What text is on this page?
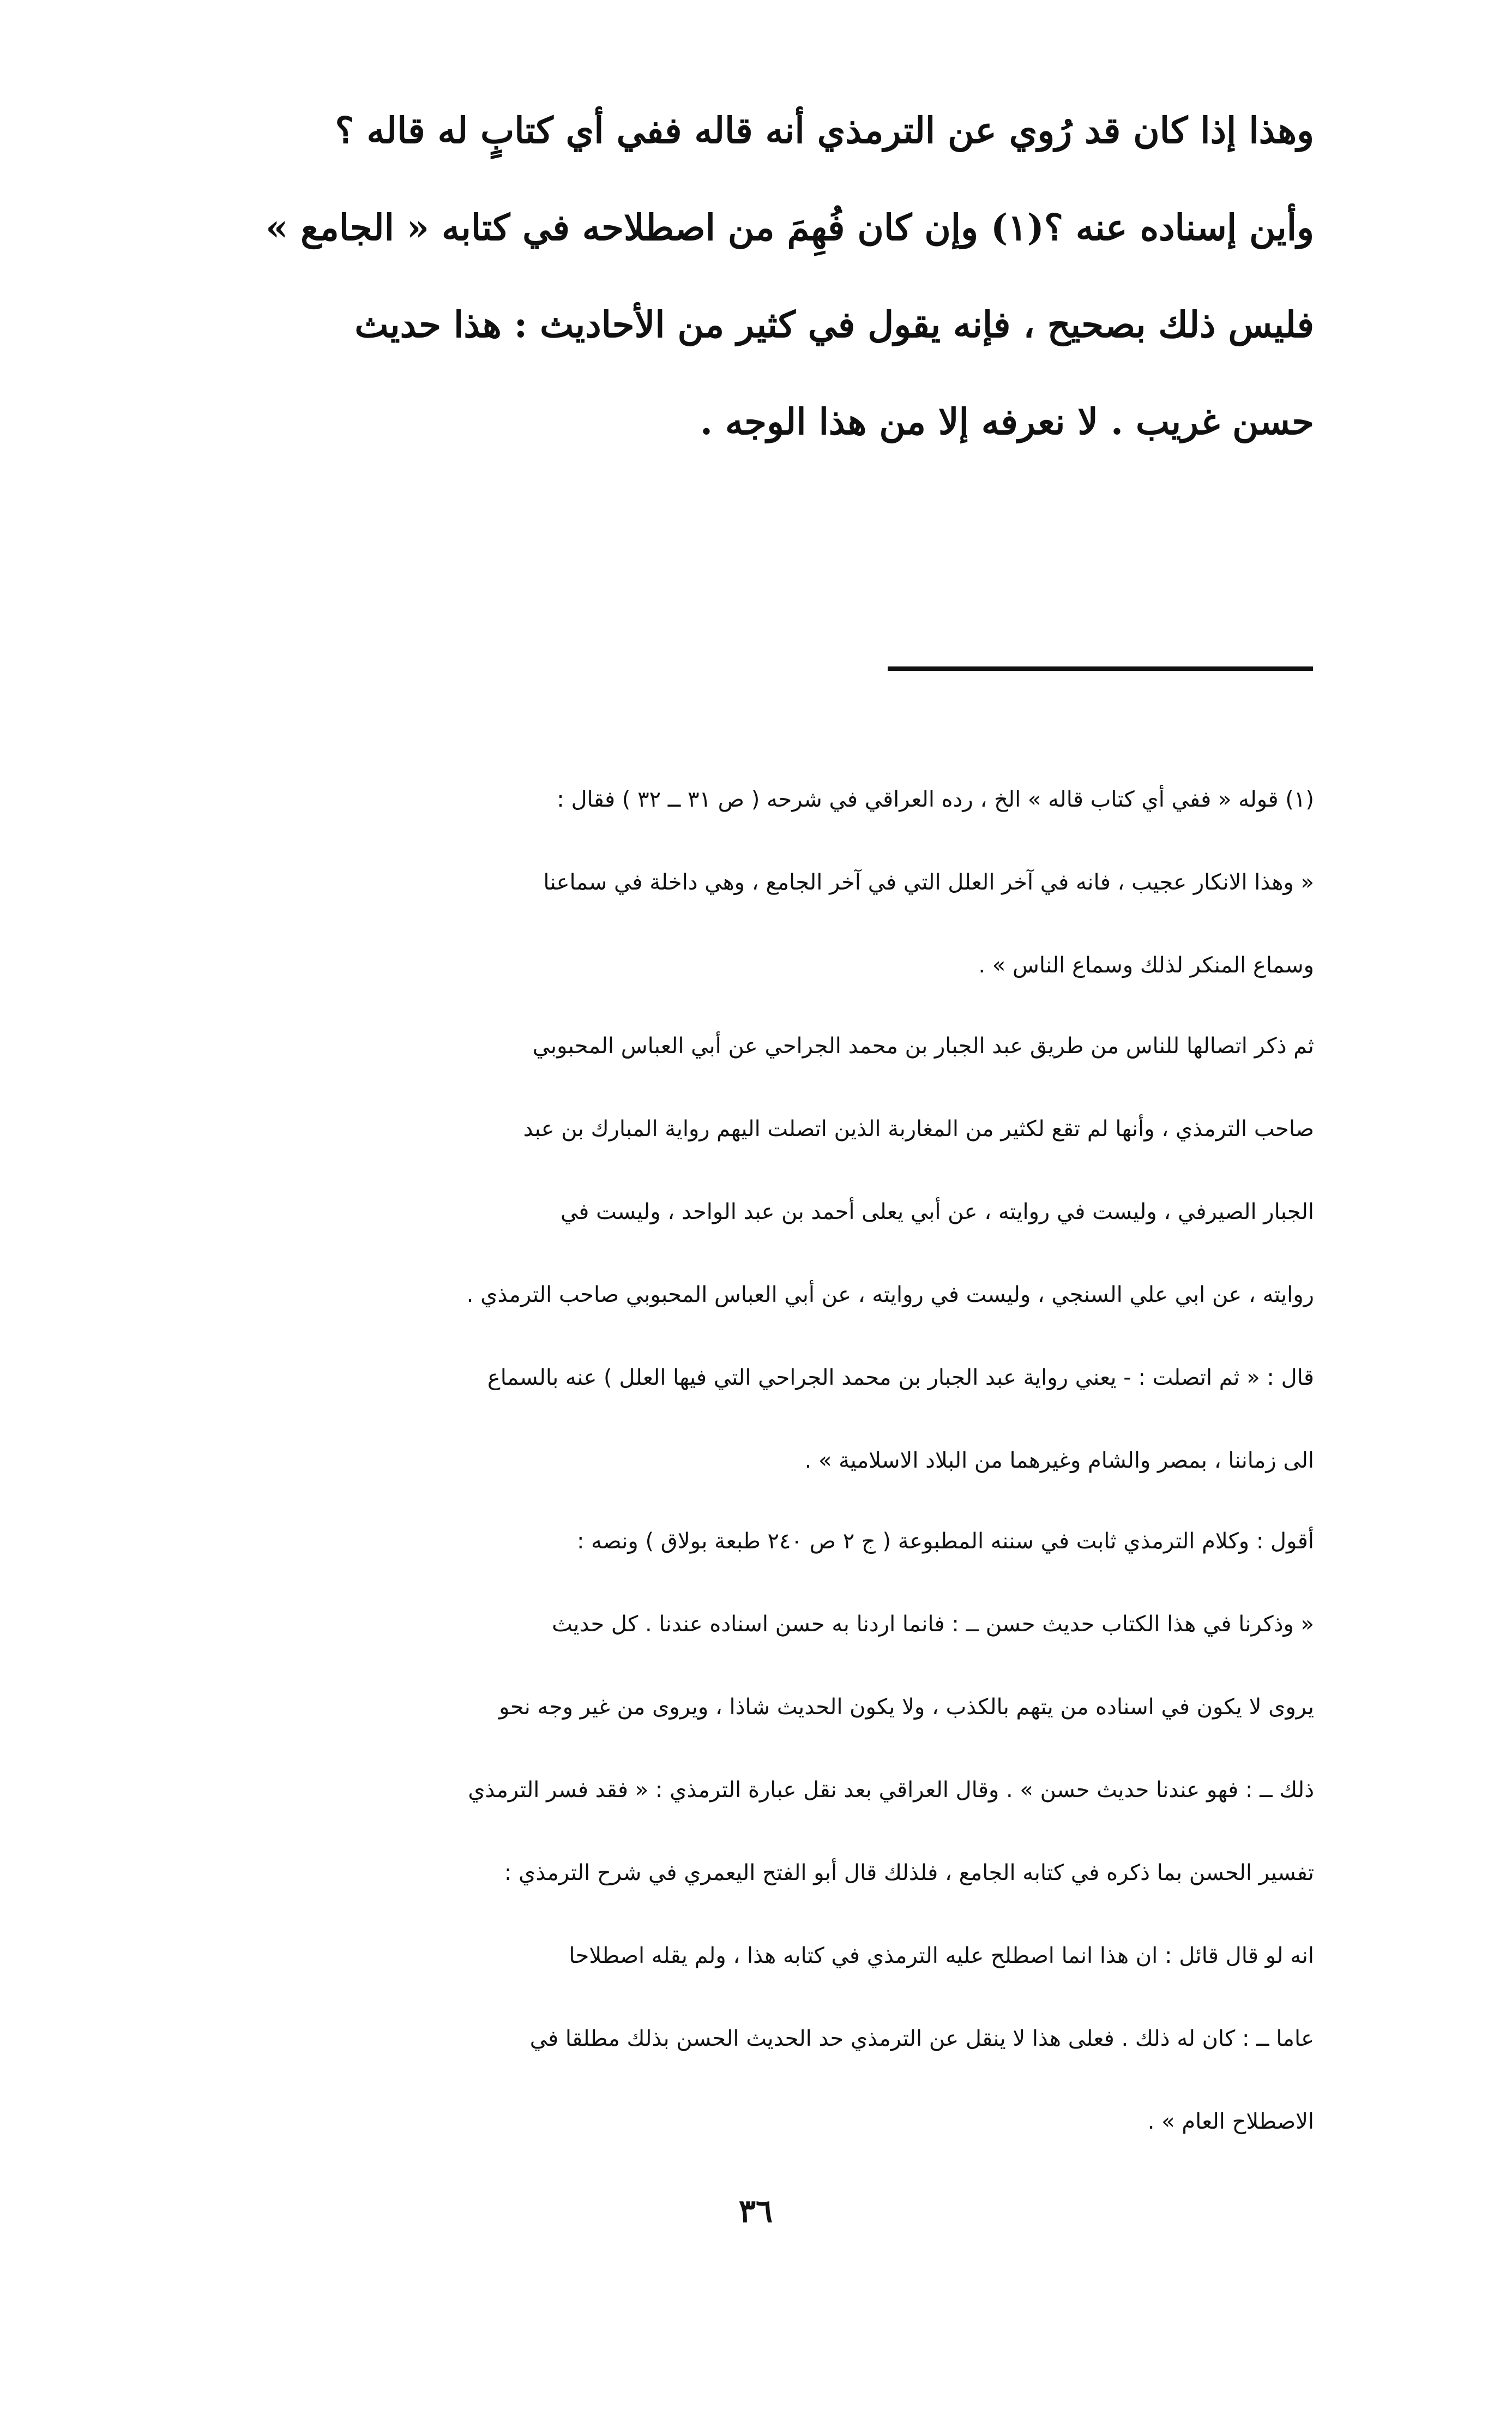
وهذا إذا كان قد رُوي عن الترمذي أنه قاله ففي أي كتابٍ له قاله ؟

وأين إسناده عنه ؟(١) وإن كان فُهِمَ من اصطلاحه في كتابه « الجامع »

فليس ذلك بصحيح ، فإنه يقول في كثير من الأحاديث : هذا حديث

حسن غريب . لا نعرفه إلا من هذا الوجه .

(١) قوله « ففي أي كتاب قاله » الخ ، رده العراقي في شرحه ( ص ٣١ ــ ٣٢ ) فقال :

« وهذا الانكار عجيب ، فانه في آخر العلل التي في آخر الجامع ، وهي داخلة في سماعنا

وسماع المنكر لذلك وسماع الناس » .

ثم ذكر اتصالها للناس من طريق عبد الجبار بن محمد الجراحي عن أبي العباس المحبوبي

صاحب الترمذي ، وأنها لم تقع لكثير من المغاربة الذين اتصلت اليهم رواية المبارك بن عبد

الجبار الصيرفي ، وليست في روايته ، عن أبي يعلى أحمد بن عبد الواحد ، وليست في

روايته ، عن ابي علي السنجي ، وليست في روايته ، عن أبي العباس المحبوبي صاحب الترمذي .

قال : « ثم اتصلت : - يعني رواية عبد الجبار بن محمد الجراحي التي فيها العلل ) عنه بالسماع

الى زماننا ، بمصر والشام وغيرهما من البلاد الاسلامية » .

أقول : وكلام الترمذي ثابت في سننه المطبوعة ( ج ٢ ص ٢٤٠ طبعة بولاق ) ونصه :

« وذكرنا في هذا الكتاب حديث حسن ــ : فانما اردنا به حسن اسناده عندنا . كل حديث

يروى لا يكون في اسناده من يتهم بالكذب ، ولا يكون الحديث شاذا ، ويروى من غير وجه نحو

ذلك ــ : فهو عندنا حديث حسن » . وقال العراقي بعد نقل عبارة الترمذي : « فقد فسر الترمذي

تفسير الحسن بما ذكره في كتابه الجامع ، فلذلك قال أبو الفتح اليعمري في شرح الترمذي :

انه لو قال قائل : ان هذا انما اصطلح عليه الترمذي في كتابه هذا ، ولم يقله اصطلاحا

عاما ــ : كان له ذلك . فعلى هذا لا ينقل عن الترمذي حد الحديث الحسن بذلك مطلقا في

الاصطلاح العام » .

٣٦
